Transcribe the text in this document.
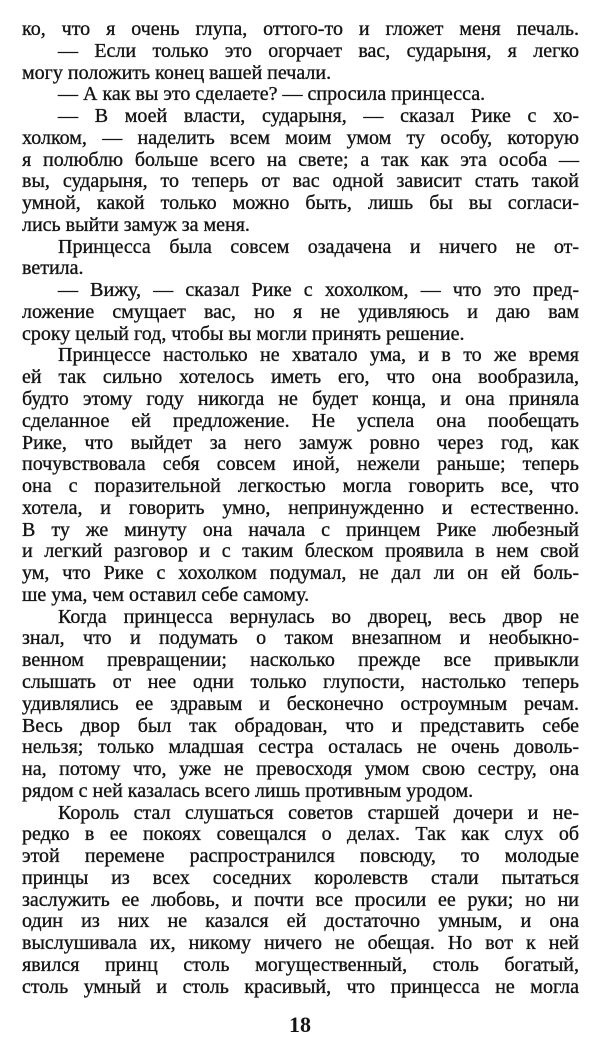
ко, что я очень глупа, оттого-то и гложет меня печаль.
— Если только это огорчает вас, сударыня, я легко
могу положить конец вашей печали.
— А как вы это сделаете? — спросила принцесса.
— В моей власти, сударыня, — сказал Рике с хо-
холком, — наделить всем моим умом ту особу, которую
я полюблю больше всего на свете; а так как эта особа —
вы, сударыня, то теперь от вас одной зависит стать такой
умной, какой только можно быть, лишь бы вы согласи-
лись выйти замуж за меня.
Принцесса была совсем озадачена и ничего не от-
ветила.
— Вижу, — сказал Рике с хохолком, — что это пред-
ложение смущает вас, но я не удивляюсь и даю вам
сроку целый год, чтобы вы могли принять решение.
Принцессе настолько не хватало ума, и в то же время
ей так сильно хотелось иметь его, что она вообразила,
будто этому году никогда не будет конца, и она приняла
сделанное ей предложение. Не успела она пообещать
Рике, что выйдет за него замуж ровно через год, как
почувствовала себя совсем иной, нежели раньше; теперь
она с поразительной легкостью могла говорить все, что
хотела, и говорить умно, непринужденно и естественно.
В ту же минуту она начала с принцем Рике любезный
и легкий разговор и с таким блеском проявила в нем свой
ум, что Рике с хохолком подумал, не дал ли он ей боль-
ше ума, чем оставил себе самому.
Когда принцесса вернулась во дворец, весь двор не
знал, что и подумать о таком внезапном и необыкно-
венном превращении; насколько прежде все привыкли
слышать от нее одни только глупости, настолько теперь
удивлялись ее здравым и бесконечно остроумным речам.
Весь двор был так обрадован, что и представить себе
нельзя; только младшая сестра осталась не очень доволь-
на, потому что, уже не превосходя умом свою сестру, она
рядом с ней казалась всего лишь противным уродом.
Король стал слушаться советов старшей дочери и не-
редко в ее покоях совещался о делах. Так как слух об
этой перемене распространился повсюду, то молодые
принцы из всех соседних королевств стали пытаться
заслужить ее любовь, и почти все просили ее руки; но ни
один из них не казался ей достаточно умным, и она
выслушивала их, никому ничего не обещая. Но вот к ней
явился принц столь могущественный, столь богатый,
столь умный и столь красивый, что принцесса не могла
18
